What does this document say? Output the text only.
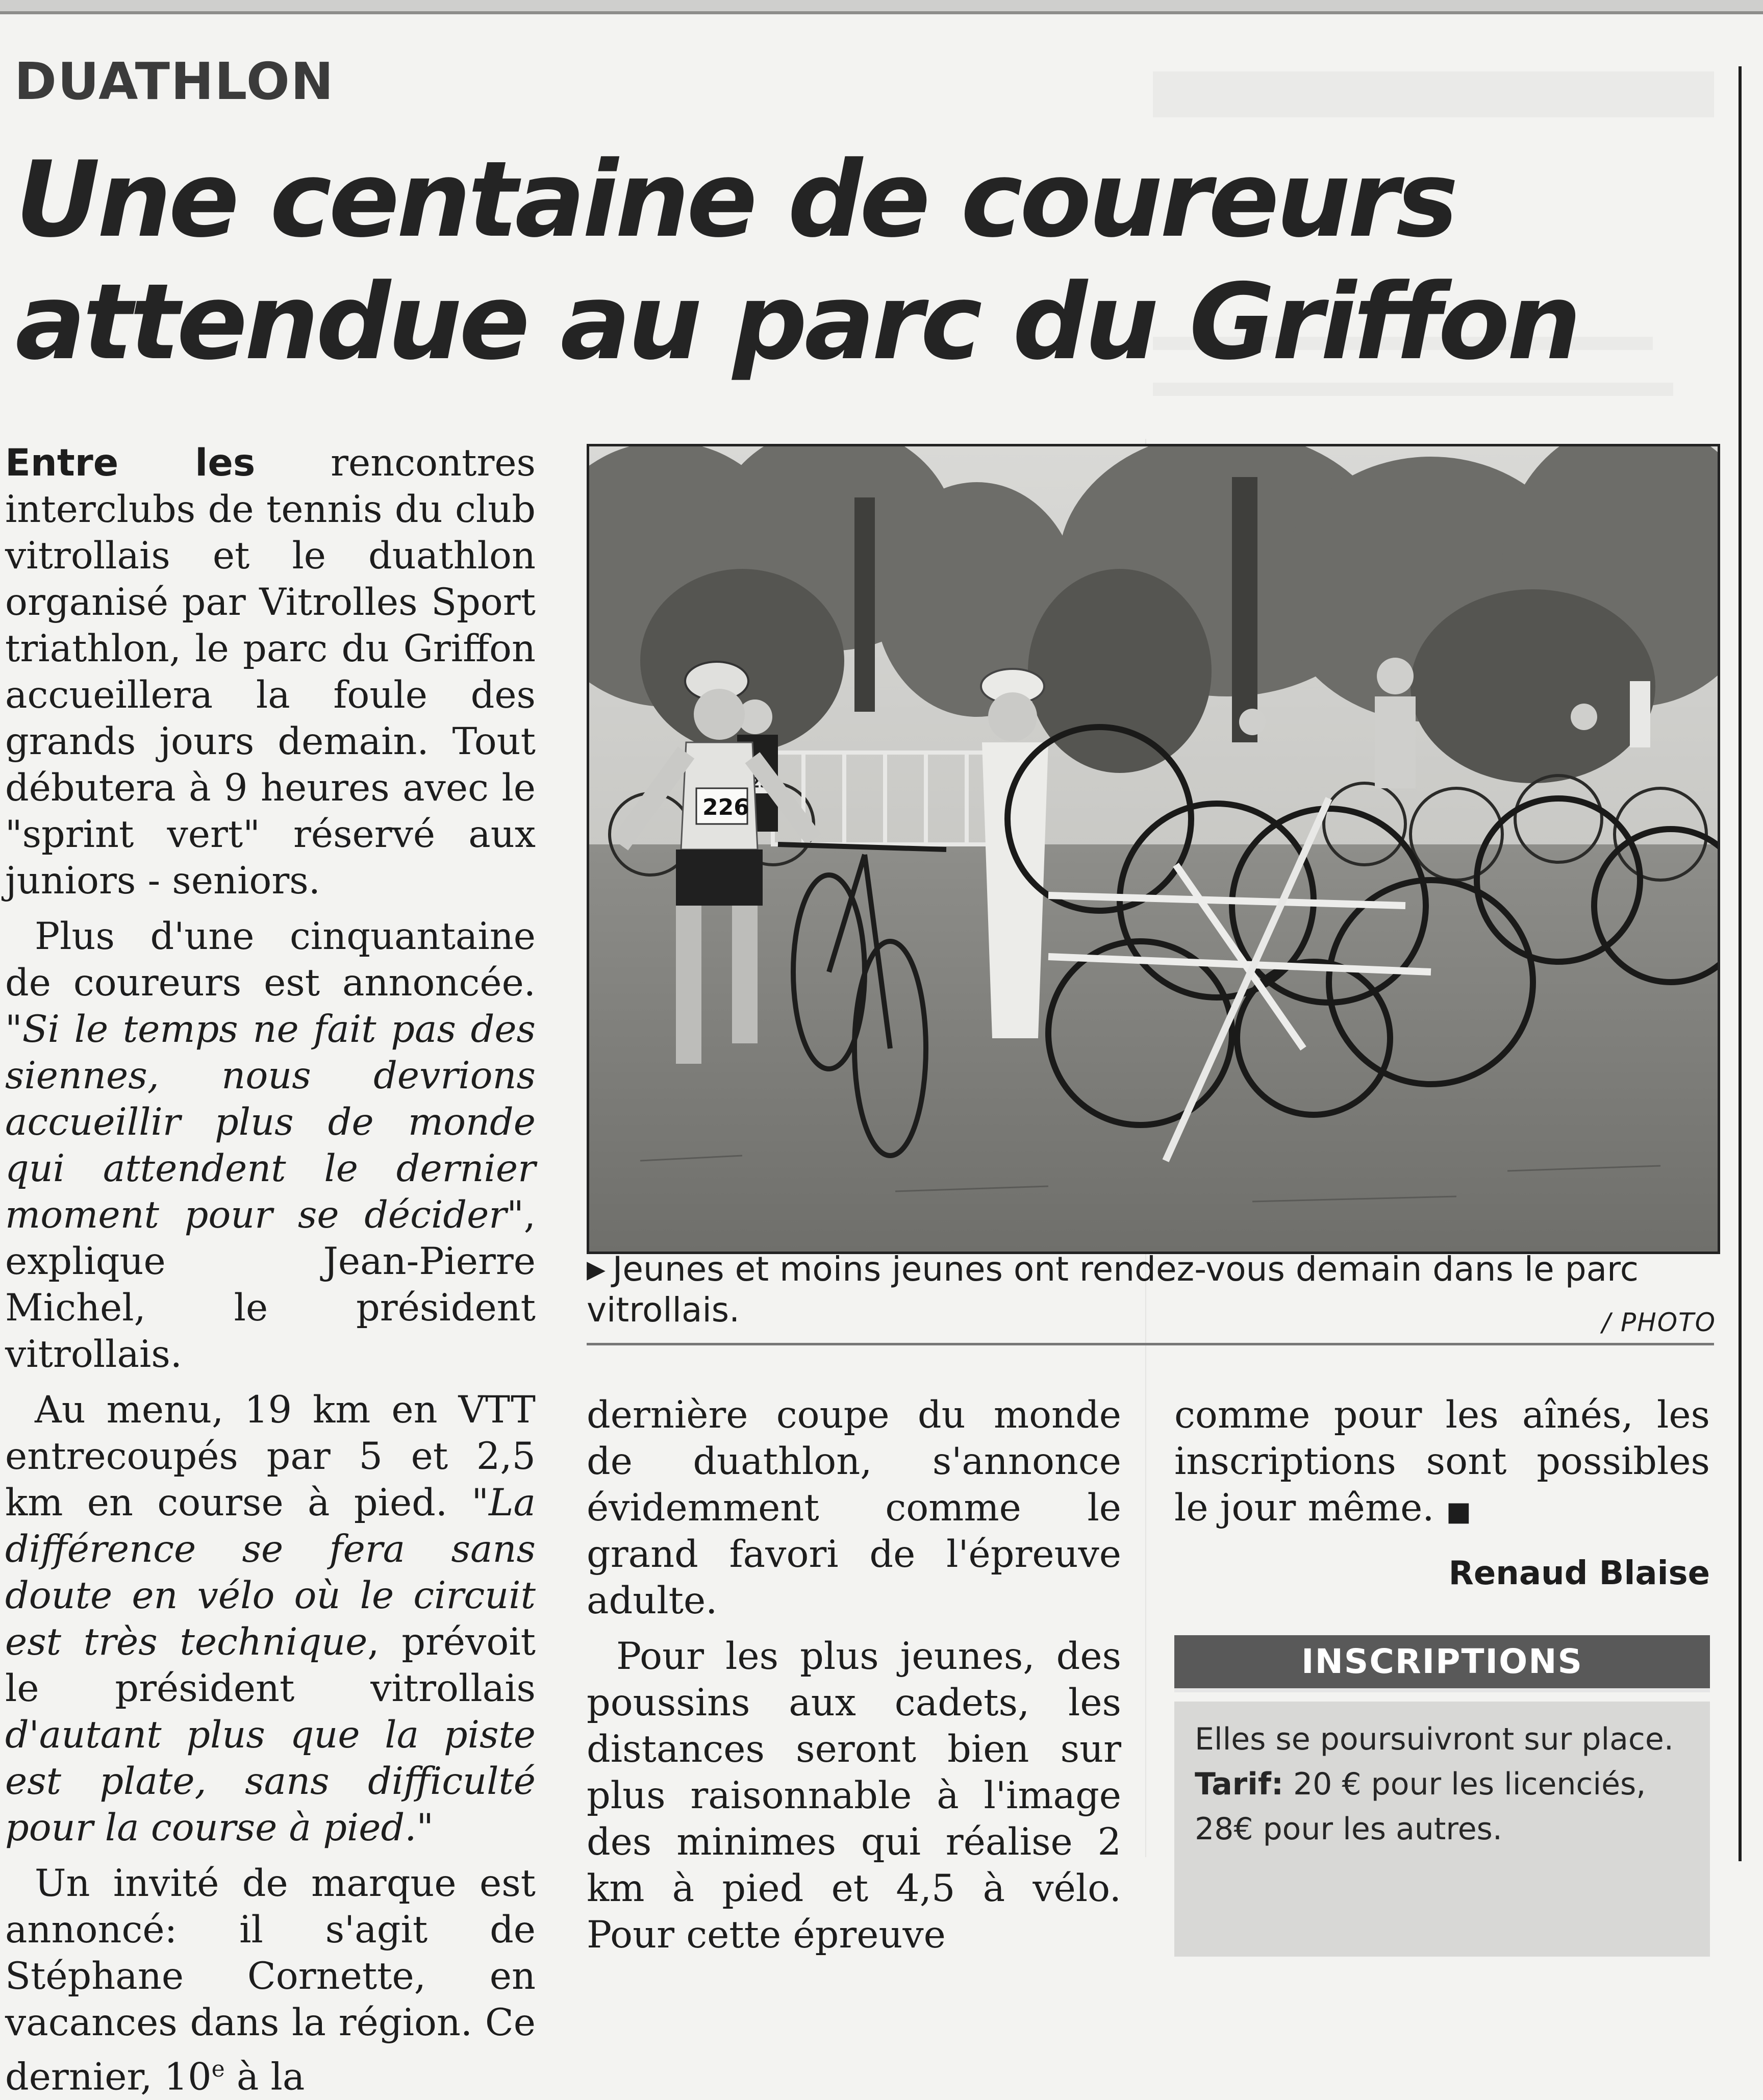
DUATHLON
Une centaine de coureurs
attendue au parc du Griffon

Entre les rencontres interclubs de tennis du club vitrollais et le duathlon organisé par Vitrolles Sport triathlon, le parc du Griffon accueillera la foule des grands jours demain. Tout débutera à 9 heures avec le "sprint vert" réservé aux juniors - seniors.

Plus d'une cinquantaine de coureurs est annoncée. "Si le temps ne fait pas des siennes, nous devrions accueillir plus de monde qui attendent le dernier moment pour se décider", explique Jean-Pierre Michel, le président vitrollais.

Au menu, 19 km en VTT entrecoupés par 5 et 2,5 km en course à pied. "La différence se fera sans doute en vélo où le circuit est très technique, prévoit le président vitrollais d'autant plus que la piste est plate, sans difficulté pour la course à pied."

Un invité de marque est annoncé: il s'agit de Stéphane Cornette, en vacances dans la région. Ce dernier, 10e à la

226
▶ Jeunes et moins jeunes ont rendez-vous demain dans le parc vitrollais.	/ PHOTO

dernière coupe du monde de duathlon, s'annonce évidemment comme le grand favori de l'épreuve adulte.

Pour les plus jeunes, des poussins aux cadets, les distances seront bien sur plus raisonnable à l'image des minimes qui réalise 2 km à pied et 4,5 à vélo. Pour cette épreuve

comme pour les aînés, les inscriptions sont possibles le jour même. ■

Renaud Blaise
INSCRIPTIONS
Elles se poursuivront sur place.
Tarif: 20 € pour les licenciés,
28€ pour les autres.
